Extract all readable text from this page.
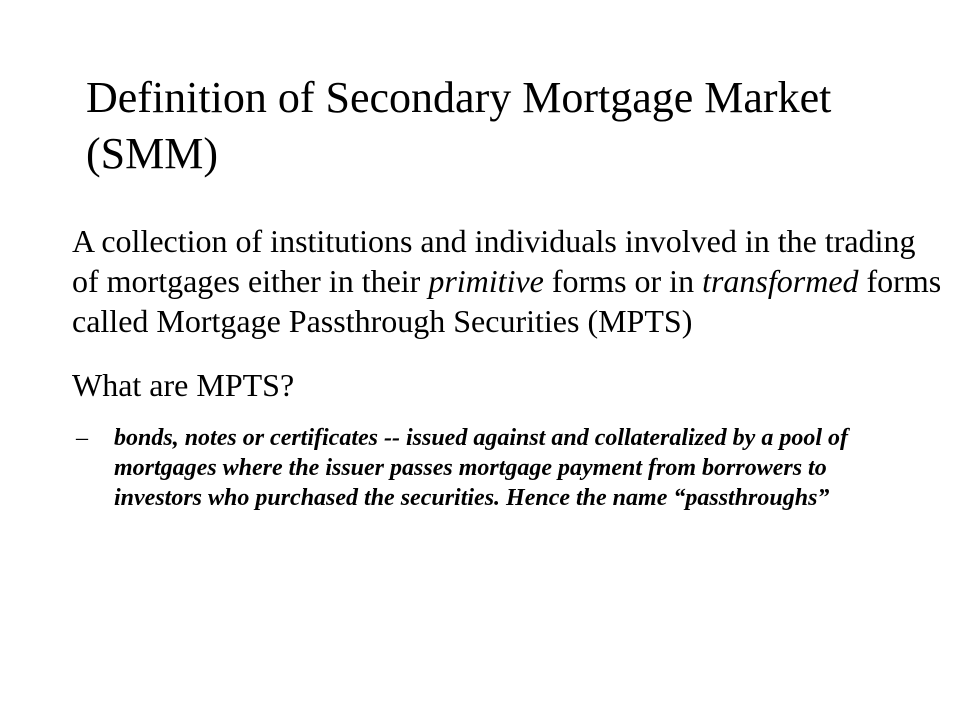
Definition of Secondary Mortgage Market (SMM)

A collection of institutions and individuals involved in the trading of mortgages either in their primitive forms or in transformed forms called Mortgage Passthrough Securities (MPTS)

What are MPTS?

– bonds, notes or certificates -- issued against and collateralized by a pool of mortgages where the issuer passes mortgage payment from borrowers to investors who purchased the securities. Hence the name “passthroughs”
